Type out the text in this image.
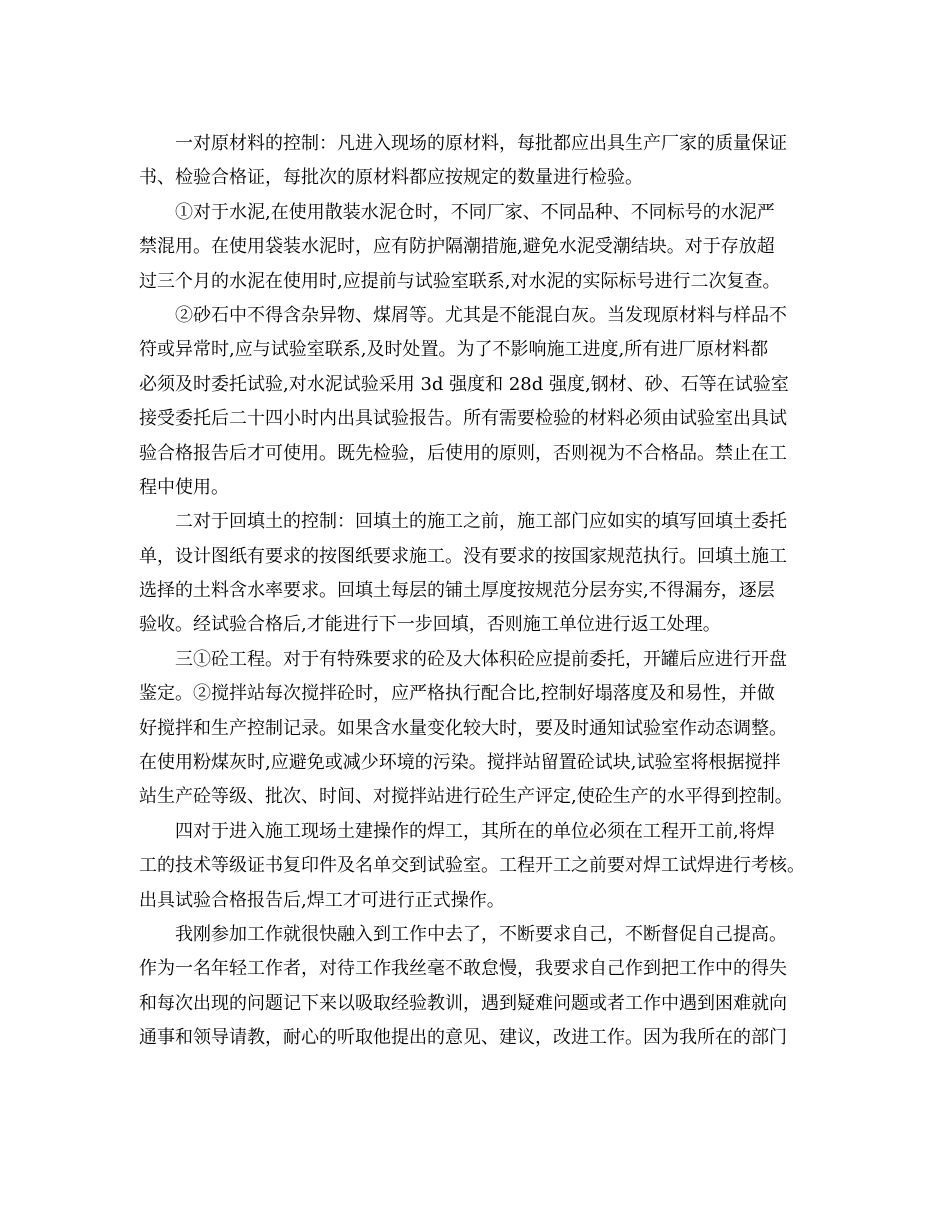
一对原材料的控制：凡进入现场的原材料，每批都应出具生产厂家的质量保证

书、检验合格证，每批次的原材料都应按规定的数量进行检验。

①对于水泥,在使用散装水泥仓时，不同厂家、不同品种、不同标号的水泥严

禁混用。在使用袋装水泥时，应有防护隔潮措施,避免水泥受潮结块。对于存放超

过三个月的水泥在使用时,应提前与试验室联系,对水泥的实际标号进行二次复查。

②砂石中不得含杂异物、煤屑等。尤其是不能混白灰。当发现原材料与样品不

符或异常时,应与试验室联系,及时处置。为了不影响施工进度,所有进厂原材料都

必须及时委托试验,对水泥试验采用 3d 强度和 28d 强度,钢材、砂、石等在试验室

接受委托后二十四小时内出具试验报告。所有需要检验的材料必须由试验室出具试

验合格报告后才可使用。既先检验，后使用的原则，否则视为不合格品。禁止在工

程中使用。

二对于回填土的控制：回填土的施工之前，施工部门应如实的填写回填土委托

单，设计图纸有要求的按图纸要求施工。没有要求的按国家规范执行。回填土施工

选择的土料含水率要求。回填土每层的铺土厚度按规范分层夯实,不得漏夯，逐层

验收。经试验合格后,才能进行下一步回填，否则施工单位进行返工处理。

三①砼工程。对于有特殊要求的砼及大体积砼应提前委托，开罐后应进行开盘

鉴定。②搅拌站每次搅拌砼时，应严格执行配合比,控制好塌落度及和易性，并做

好搅拌和生产控制记录。如果含水量变化较大时，要及时通知试验室作动态调整。

在使用粉煤灰时,应避免或减少环境的污染。搅拌站留置砼试块,试验室将根据搅拌

站生产砼等级、批次、时间、对搅拌站进行砼生产评定,使砼生产的水平得到控制。

四对于进入施工现场土建操作的焊工，其所在的单位必须在工程开工前,将焊

工的技术等级证书复印件及名单交到试验室。工程开工之前要对焊工试焊进行考核。

出具试验合格报告后,焊工才可进行正式操作。

我刚参加工作就很快融入到工作中去了，不断要求自己，不断督促自己提高。

作为一名年轻工作者，对待工作我丝毫不敢怠慢，我要求自己作到把工作中的得失

和每次出现的问题记下来以吸取经验教训，遇到疑难问题或者工作中遇到困难就向

通事和领导请教，耐心的听取他提出的意见、建议，改进工作。因为我所在的部门
